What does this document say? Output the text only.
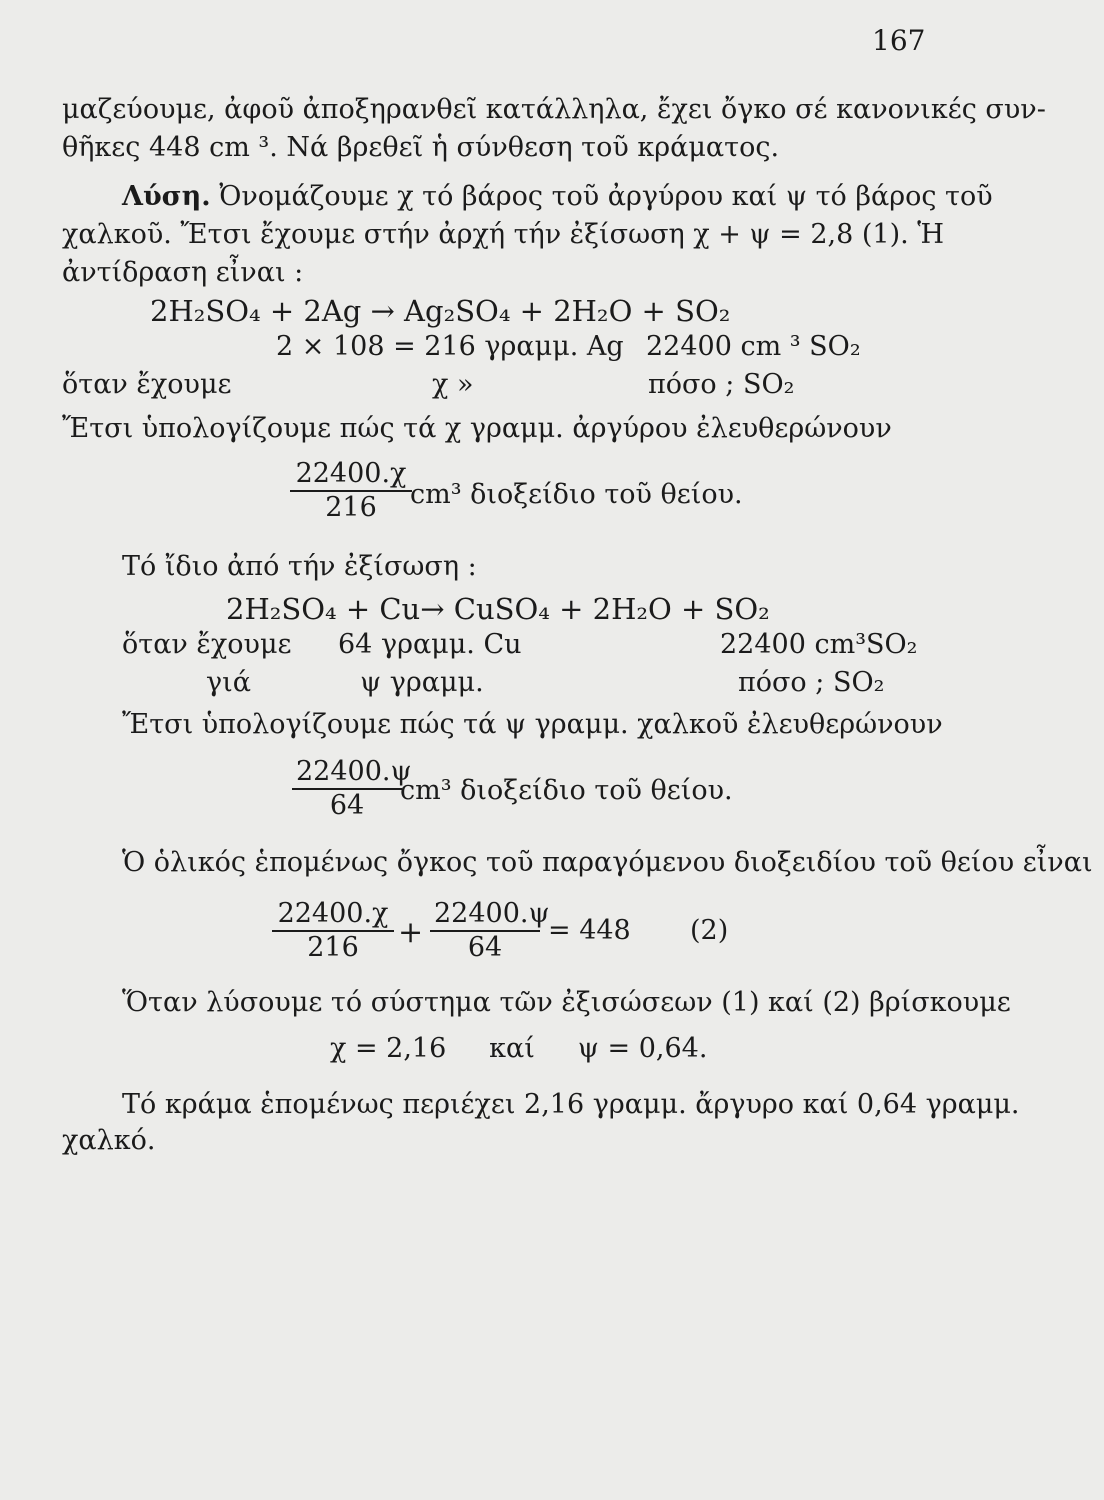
167
μαζεύουμε, ἀφοῦ ἀποξηρανθεῖ κατάλληλα, ἔχει ὄγκο σέ κανονικές συν-
θῆκες 448 cm ³. Νά βρεθεῖ ἡ σύνθεση τοῦ κράματος.
Λύση. Ὀνομάζουμε χ τό βάρος τοῦ ἀργύρου καί ψ τό βάρος τοῦ
χαλκοῦ. Ἔτσι ἔχουμε στήν ἀρχή τήν ἐξίσωση χ + ψ = 2,8 (1). Ἡ
ἀντίδραση εἶναι :
2H₂SO₄ + 2Ag → Ag₂SO₄ + 2H₂O + SO₂
2 × 108 = 216 γραμμ. Ag 22400 cm ³ SO₂
ὅταν ἔχουμε	χ »	πόσο ; SO₂
Ἔτσι ὑπολογίζουμε πώς τά χ γραμμ. ἀργύρου ἐλευθερώνουν
$\frac{22400.\chi}{216}$
cm³ διοξείδιο τοῦ θείου.
Τό ἴδιο ἀπό τήν ἐξίσωση :
2H₂SO₄ + Cu→ CuSO₄ + 2H₂O + SO₂
ὅταν ἔχουμε 64 γραμμ. Cu	22400 cm³SO₂
γιά	ψ γραμμ.	πόσο ; SO₂
Ἔτσι ὑπολογίζουμε πώς τά ψ γραμμ. χαλκοῦ ἐλευθερώνουν
$\frac{22400.\psi}{64}$
cm³ διοξείδιο τοῦ θείου.
Ὁ ὁλικός ἑπομένως ὄγκος τοῦ παραγόμενου διοξειδίου τοῦ θείου εἶναι
$\frac{22400.\chi}{216} + \frac{22400.\psi}{64} = 448$ (2)
Ὅταν λύσουμε τό σύστημα τῶν ἐξισώσεων (1) καί (2) βρίσκουμε
χ = 2,16     καί     ψ = 0,64.
Τό κράμα ἑπομένως περιέχει 2,16 γραμμ. ἄργυρο καί 0,64 γραμμ.
χαλκό.
